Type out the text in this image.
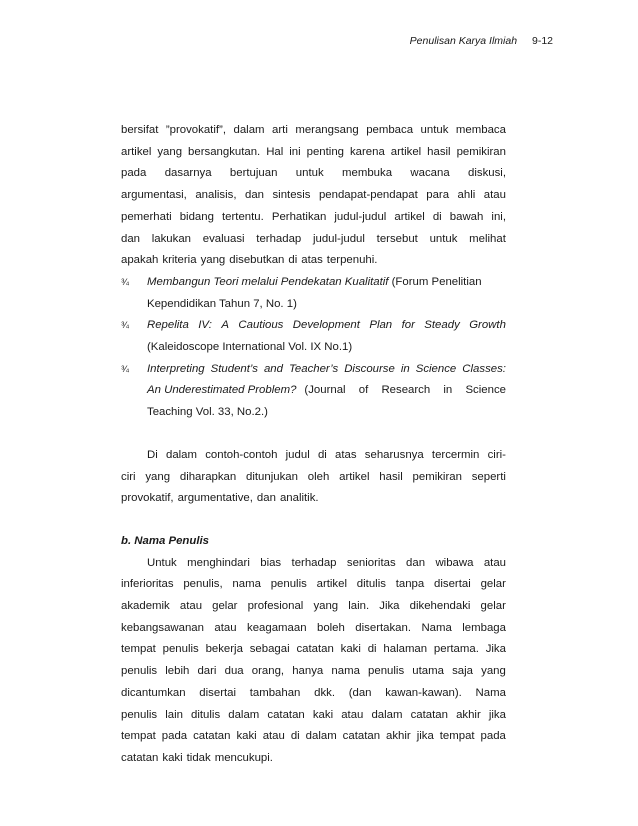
Penulisan Karya Ilmiah 9-12
bersifat ”provokatif”, dalam arti merangsang pembaca untuk membaca
artikel yang bersangkutan. Hal ini penting karena artikel hasil pemikiran
pada dasarnya bertujuan untuk membuka wacana diskusi,
argumentasi, analisis, dan sintesis pendapat-pendapat para ahli atau
pemerhati bidang tertentu. Perhatikan judul-judul artikel di bawah ini,
dan lakukan evaluasi terhadap judul-judul tersebut untuk melihat
apakah kriteria yang disebutkan di atas terpenuhi.
¾	Membangun Teori melalui Pendekatan Kualitatif (Forum Penelitian
Kependidikan Tahun 7, No. 1)
¾ Repelita IV: A Cautious Development Plan for Steady Growth
(Kaleidoscope International Vol. IX No.1)
¾ Interpreting Student’s and Teacher’s Discourse in Science Classes:
An Underestimated Problem? (Journal of Research in Science
Teaching Vol. 33, No.2.)
Di dalam contoh-contoh judul di atas seharusnya tercermin ciri-
ciri yang diharapkan ditunjukan oleh artikel hasil pemikiran seperti
provokatif, argumentative, dan analitik.
b. Nama Penulis
Untuk menghindari bias terhadap senioritas dan wibawa atau
inferioritas penulis, nama penulis artikel ditulis tanpa disertai gelar
akademik atau gelar profesional yang lain. Jika dikehendaki gelar
kebangsawanan atau keagamaan boleh disertakan. Nama lembaga
tempat penulis bekerja sebagai catatan kaki di halaman pertama. Jika
penulis lebih dari dua orang, hanya nama penulis utama saja yang
dicantumkan disertai tambahan dkk. (dan kawan-kawan). Nama
penulis lain ditulis dalam catatan kaki atau dalam catatan akhir jika
tempat pada catatan kaki atau di dalam catatan akhir jika tempat pada
catatan kaki tidak mencukupi.
